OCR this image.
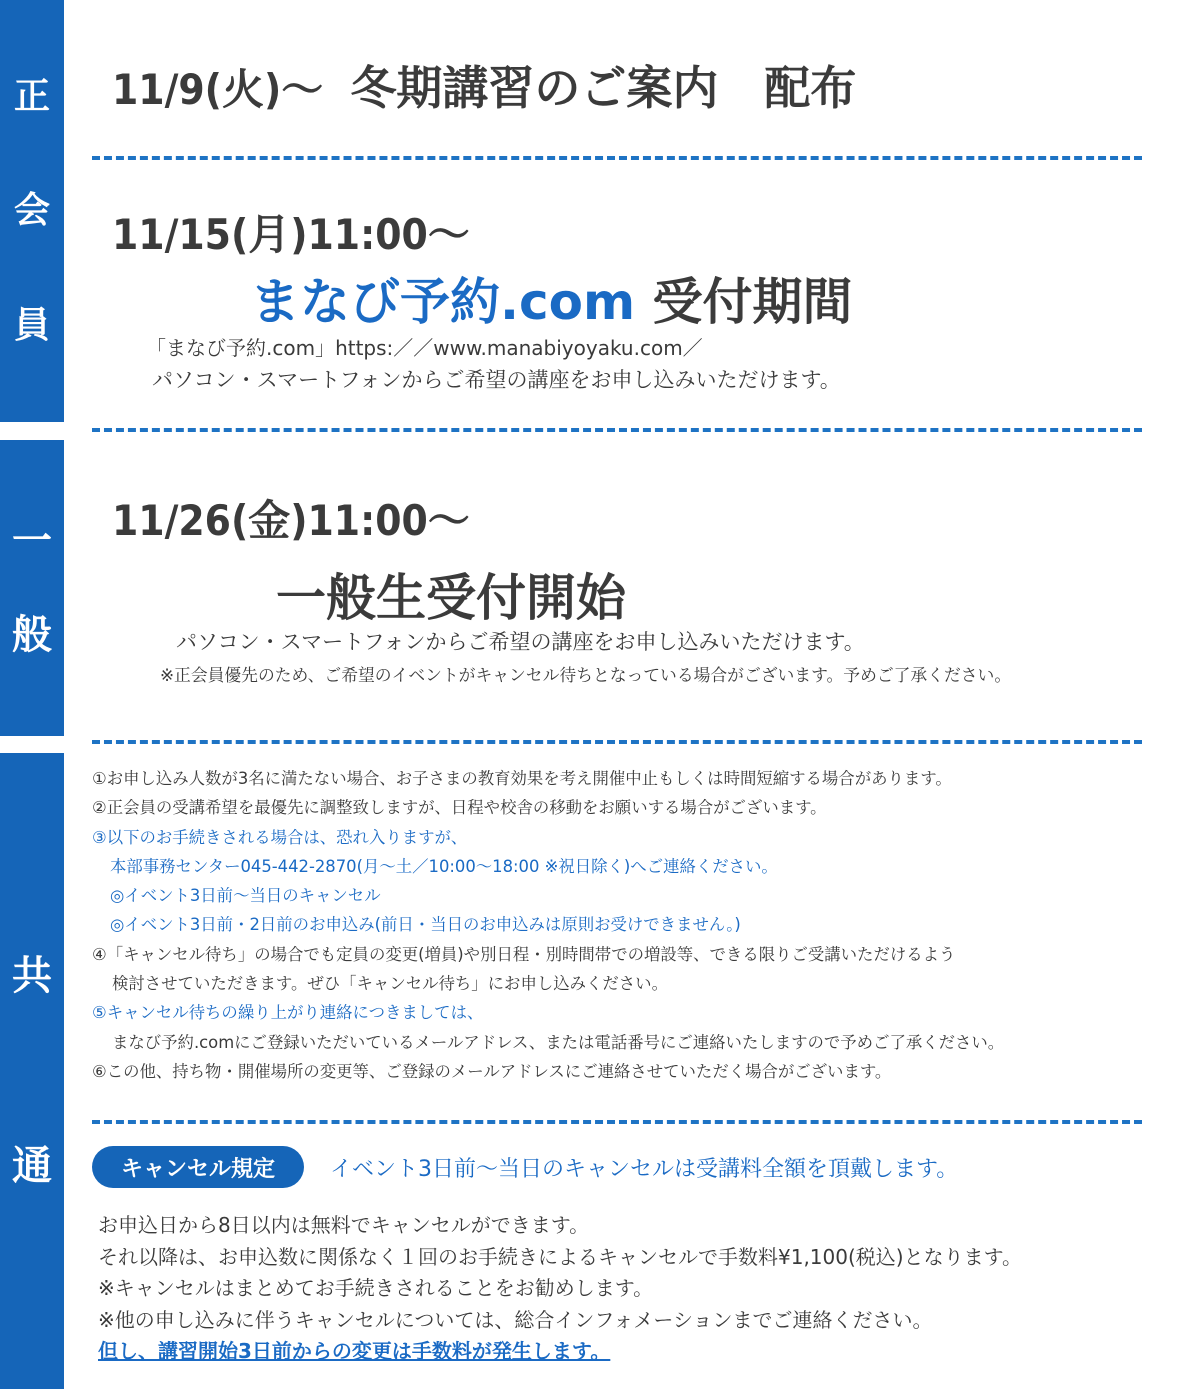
正
会
員
一
般
共
通
11/9(火)～ 冬期講習のご案内　配布
11/15(月)11:00～
まなび予約.com 受付期間
「まなび予約.com」https:／／www.manabiyoyaku.com／
パソコン・スマートフォンからご希望の講座をお申し込みいただけます。
11/26(金)11:00～
一般生受付開始
パソコン・スマートフォンからご希望の講座をお申し込みいただけます。
※正会員優先のため、ご希望のイベントがキャンセル待ちとなっている場合がございます。予めご了承ください。
①お申し込み人数が3名に満たない場合、お子さまの教育効果を考え開催中止もしくは時間短縮する場合があります。
②正会員の受講希望を最優先に調整致しますが、日程や校舎の移動をお願いする場合がございます。
③以下のお手続きされる場合は、恐れ入りますが、
本部事務センター045-442-2870(月～土／10:00～18:00 ※祝日除く)へご連絡ください。
◎イベント3日前～当日のキャンセル
◎イベント3日前・2日前のお申込み(前日・当日のお申込みは原則お受けできません。)
④「キャンセル待ち」の場合でも定員の変更(増員)や別日程・別時間帯での増設等、できる限りご受講いただけるよう
検討させていただきます。ぜひ「キャンセル待ち」にお申し込みください。
⑤キャンセル待ちの繰り上がり連絡につきましては、
まなび予約.comにご登録いただいているメールアドレス、または電話番号にご連絡いたしますので予めご了承ください。
⑥この他、持ち物・開催場所の変更等、ご登録のメールアドレスにご連絡させていただく場合がございます。
キャンセル規定	イベント3日前～当日のキャンセルは受講料全額を頂戴します。
お申込日から8日以内は無料でキャンセルができます。
それ以降は、お申込数に関係なく１回のお手続きによるキャンセルで手数料¥1,100(税込)となります。
※キャンセルはまとめてお手続きされることをお勧めします。
※他の申し込みに伴うキャンセルについては、総合インフォメーションまでご連絡ください。
但し、講習開始3日前からの変更は手数料が発生します。
